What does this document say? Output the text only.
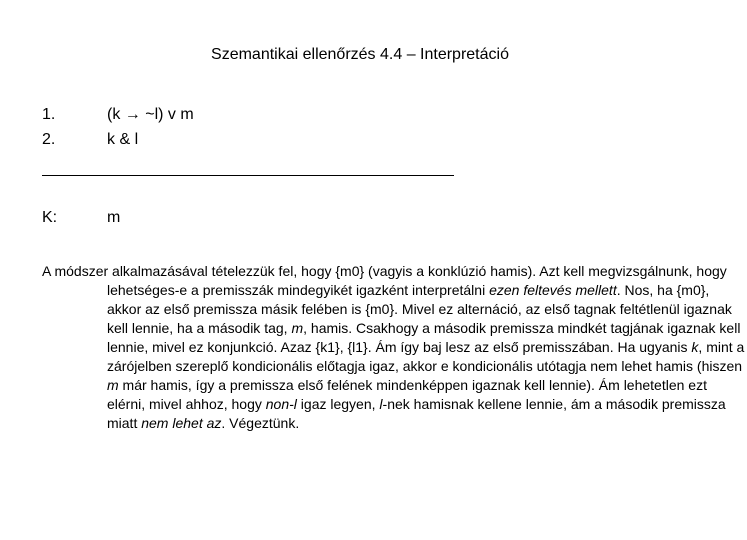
Szemantikai ellenőrzés 4.4 – Interpretáció
1.	(k → ~l) v m
2.	k & l
K:	m
A módszer alkalmazásával tételezzük fel, hogy {m0} (vagyis a konklúzió hamis). Azt kell megvizsgálnunk, hogy lehetséges-e a premisszák mindegyikét igazként interpretálni ezen feltevés mellett. Nos, ha {m0}, akkor az első premissza másik felében is {m0}. Mivel ez alternáció, az első tagnak feltétlenül igaznak kell lennie, ha a második tag, m, hamis. Csakhogy a második premissza mindkét tagjának igaznak kell lennie, mivel ez konjunkció. Azaz {k1}, {l1}. Ám így baj lesz az első premisszában. Ha ugyanis k, mint a zárójelben szereplő kondicionális előtagja igaz, akkor e kondicionális utótagja nem lehet hamis (hiszen m már hamis, így a premissza első felének mindenképpen igaznak kell lennie). Ám lehetetlen ezt elérni, mivel ahhoz, hogy non-l igaz legyen, l-nek hamisnak kellene lennie, ám a második premissza miatt nem lehet az. Végeztünk.
